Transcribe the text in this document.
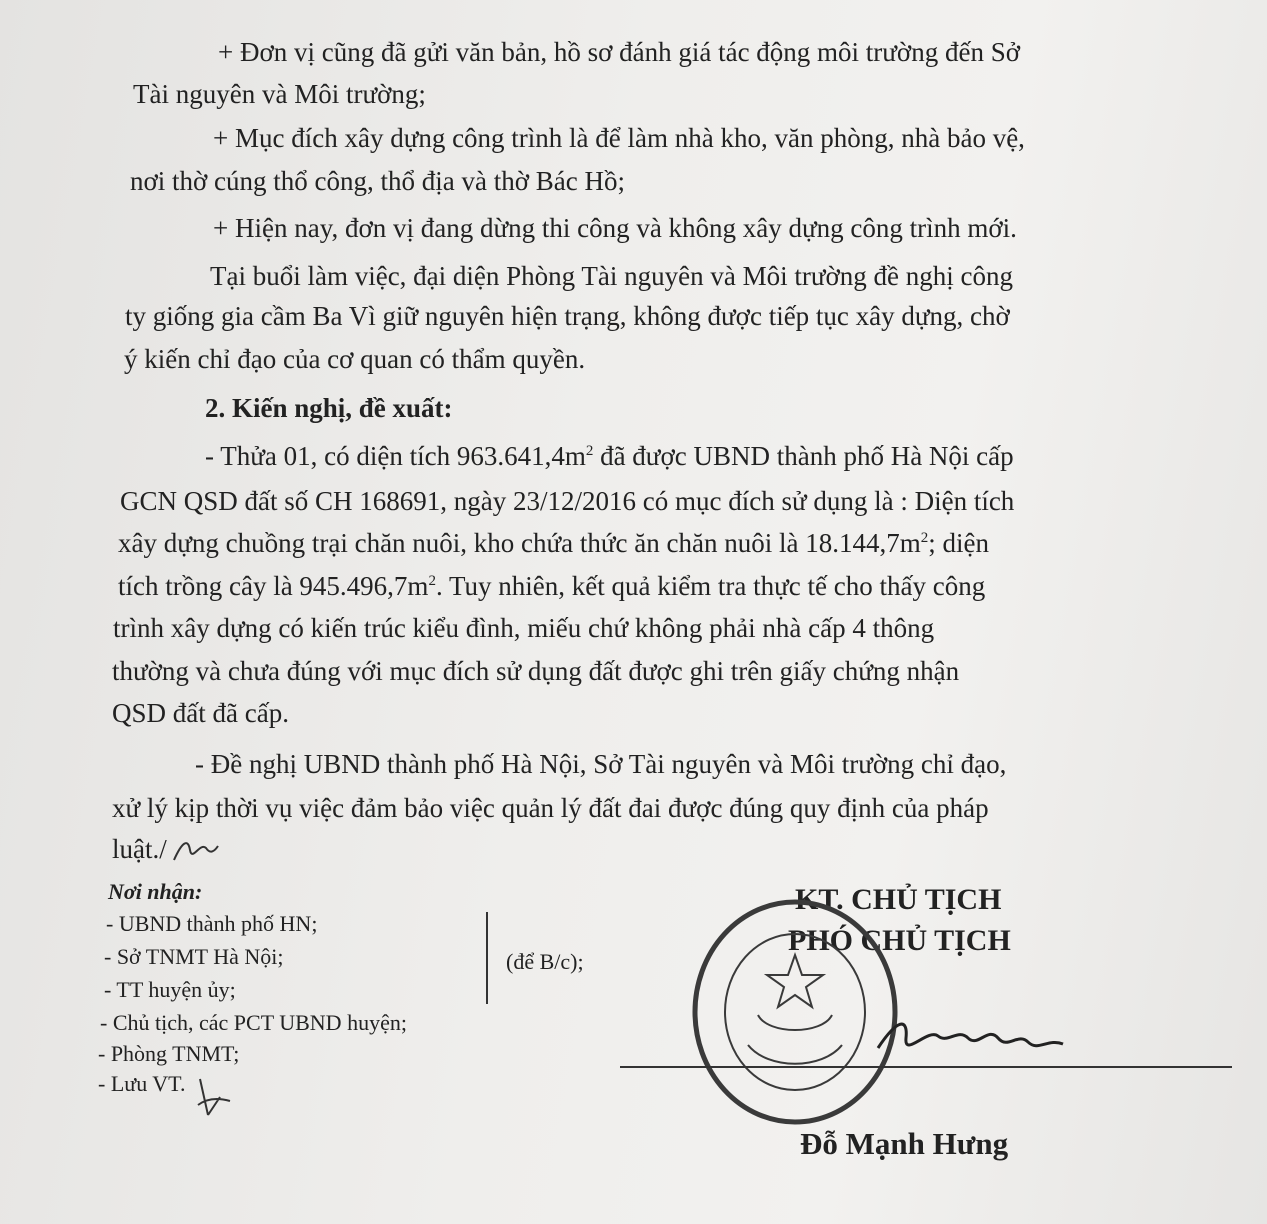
+ Đơn vị cũng đã gửi văn bản, hồ sơ đánh giá tác động môi trường đến Sở
Tài nguyên và Môi trường;
+ Mục đích xây dựng công trình là để làm nhà kho, văn phòng, nhà bảo vệ,
nơi thờ cúng thổ công, thổ địa và thờ Bác Hồ;
+ Hiện nay, đơn vị đang dừng thi công và không xây dựng công trình mới.
Tại buổi làm việc, đại diện Phòng Tài nguyên và Môi trường đề nghị công
ty giống gia cầm Ba Vì giữ nguyên hiện trạng, không được tiếp tục xây dựng, chờ
ý kiến chỉ đạo của cơ quan có thẩm quyền.
2. Kiến nghị, đề xuất:
- Thửa 01, có diện tích $963.641,4m^2$ đã được UBND thành phố Hà Nội cấp
GCN QSD đất số CH 168691, ngày 23/12/2016 có mục đích sử dụng là : Diện tích
xây dựng chuồng trại chăn nuôi, kho chứa thức ăn chăn nuôi là $18.144,7m^2$; diện
tích trồng cây là $945.496,7m^2$. Tuy nhiên, kết quả kiểm tra thực tế cho thấy công
trình xây dựng có kiến trúc kiểu đình, miếu chứ không phải nhà cấp 4 thông
thường và chưa đúng với mục đích sử dụng đất được ghi trên giấy chứng nhận
QSD đất đã cấp.
- Đề nghị UBND thành phố Hà Nội, Sở Tài nguyên và Môi trường chỉ đạo,
xử lý kịp thời vụ việc đảm bảo việc quản lý đất đai được đúng quy định của pháp
luật./
Nơi nhận:
- UBND thành phố HN;
- Sở TNMT Hà Nội;
- TT huyện ủy;
- Chủ tịch, các PCT UBND huyện;
- Phòng TNMT;
- Lưu VT.
(để B/c);
KT. CHỦ TỊCH
PHÓ CHỦ TỊCH
Đỗ Mạnh Hưng
